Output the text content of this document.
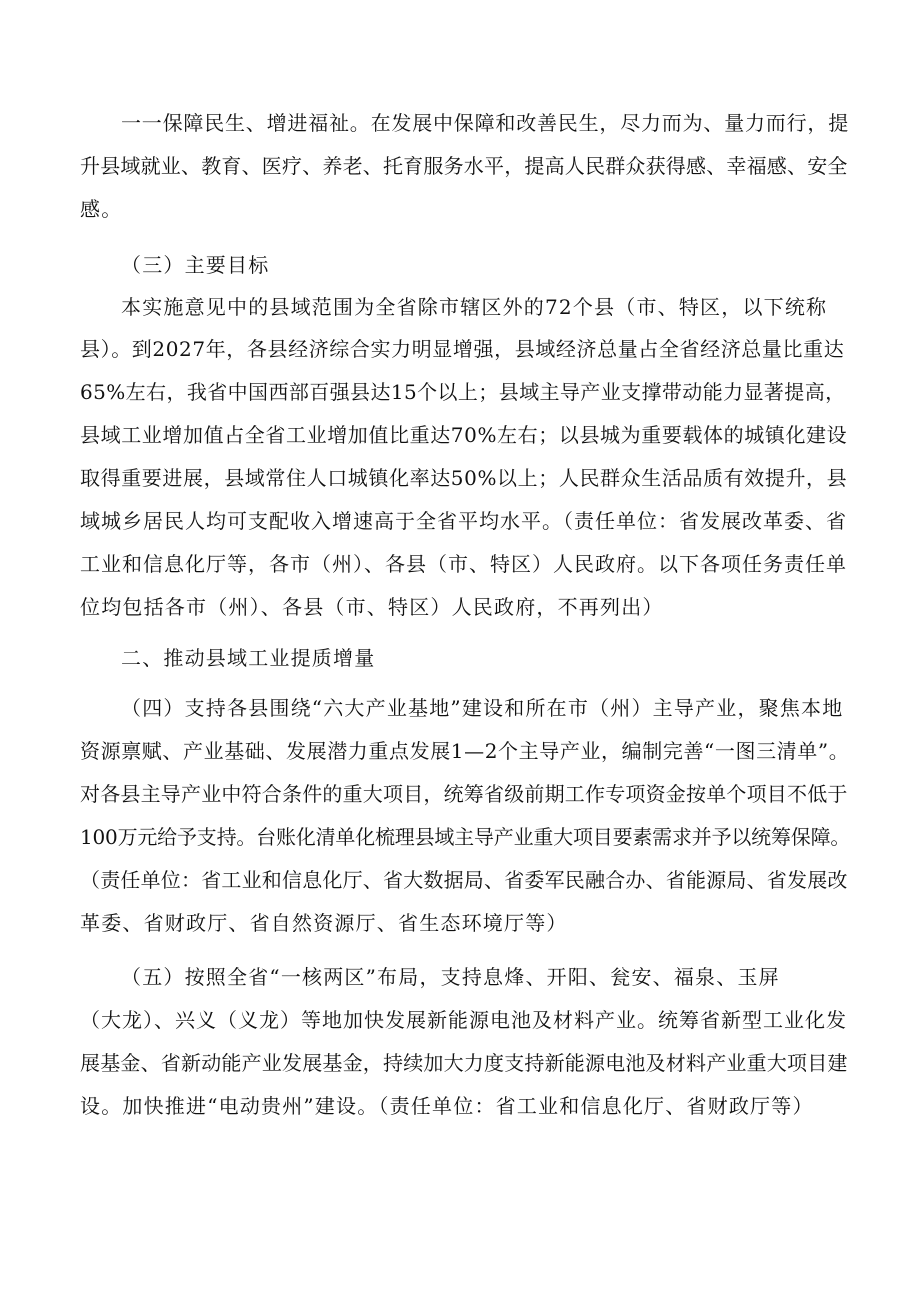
一一保障民生、增进福祉。在发展中保障和改善民生，尽力而为、量力而行，提
升县域就业、教育、医疗、养老、托育服务水平，提高人民群众获得感、幸福感、安全
感。
（三）主要目标
本实施意见中的县域范围为全省除市辖区外的72个县（市、特区，以下统称
县）。到2027年，各县经济综合实力明显增强，县域经济总量占全省经济总量比重达
65%左右，我省中国西部百强县达15个以上；县域主导产业支撑带动能力显著提高，
县域工业增加值占全省工业增加值比重达70%左右；以县城为重要载体的城镇化建设
取得重要进展，县域常住人口城镇化率达50%以上；人民群众生活品质有效提升，县
域城乡居民人均可支配收入增速高于全省平均水平。（责任单位：省发展改革委、省
工业和信息化厅等，各市（州）、各县（市、特区）人民政府。以下各项任务责任单
位均包括各市（州）、各县（市、特区）人民政府，不再列出）
二、推动县域工业提质增量
（四）支持各县围绕“六大产业基地”建设和所在市（州）主导产业，聚焦本地
资源禀赋、产业基础、发展潜力重点发展1—2个主导产业，编制完善“一图三清单”。
对各县主导产业中符合条件的重大项目，统筹省级前期工作专项资金按单个项目不低于
100万元给予支持。台账化清单化梳理县域主导产业重大项目要素需求并予以统筹保障。
（责任单位：省工业和信息化厅、省大数据局、省委军民融合办、省能源局、省发展改
革委、省财政厅、省自然资源厅、省生态环境厅等）
（五）按照全省“一核两区”布局，支持息烽、开阳、瓮安、福泉、玉屏
（大龙）、兴义（义龙）等地加快发展新能源电池及材料产业。统筹省新型工业化发
展基金、省新动能产业发展基金，持续加大力度支持新能源电池及材料产业重大项目建
设。加快推进“电动贵州”建设。（责任单位：省工业和信息化厅、省财政厅等）
